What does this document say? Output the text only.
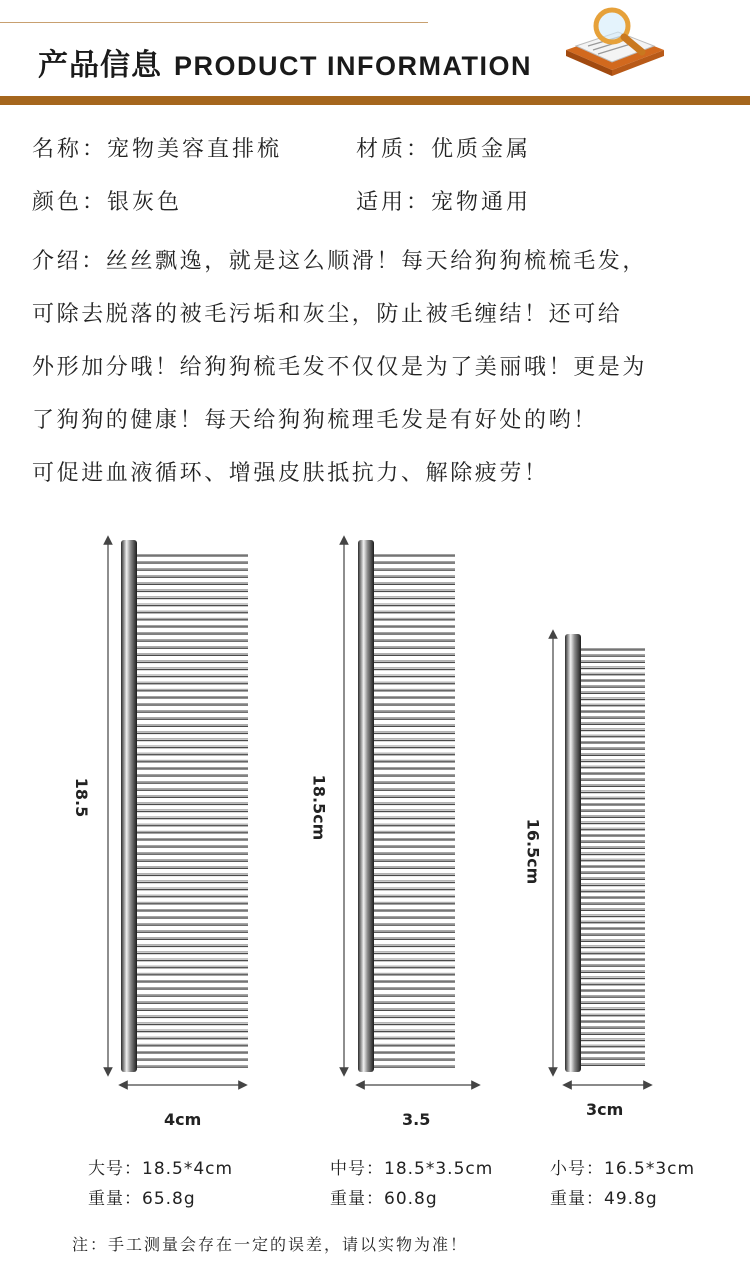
产品信息 PRODUCT INFORMATION
名称：宠物美容直排梳	材质：优质金属
颜色：银灰色	适用：宠物通用

介绍：丝丝飘逸，就是这么顺滑！每天给狗狗梳梳毛发，

可除去脱落的被毛污垢和灰尘，防止被毛缠结！还可给

外形加分哦！给狗狗梳毛发不仅仅是为了美丽哦！更是为

了狗狗的健康！每天给狗狗梳理毛发是有好处的哟！

可促进血液循环、增强皮肤抵抗力、解除疲劳！

18.5
4cm
18.5cm
3.5
16.5cm
3cm
大号：18.5*4cm
重量：65.8g
中号：18.5*3.5cm
重量：60.8g
小号：16.5*3cm
重量：49.8g
注：手工测量会存在一定的误差，请以实物为准！
